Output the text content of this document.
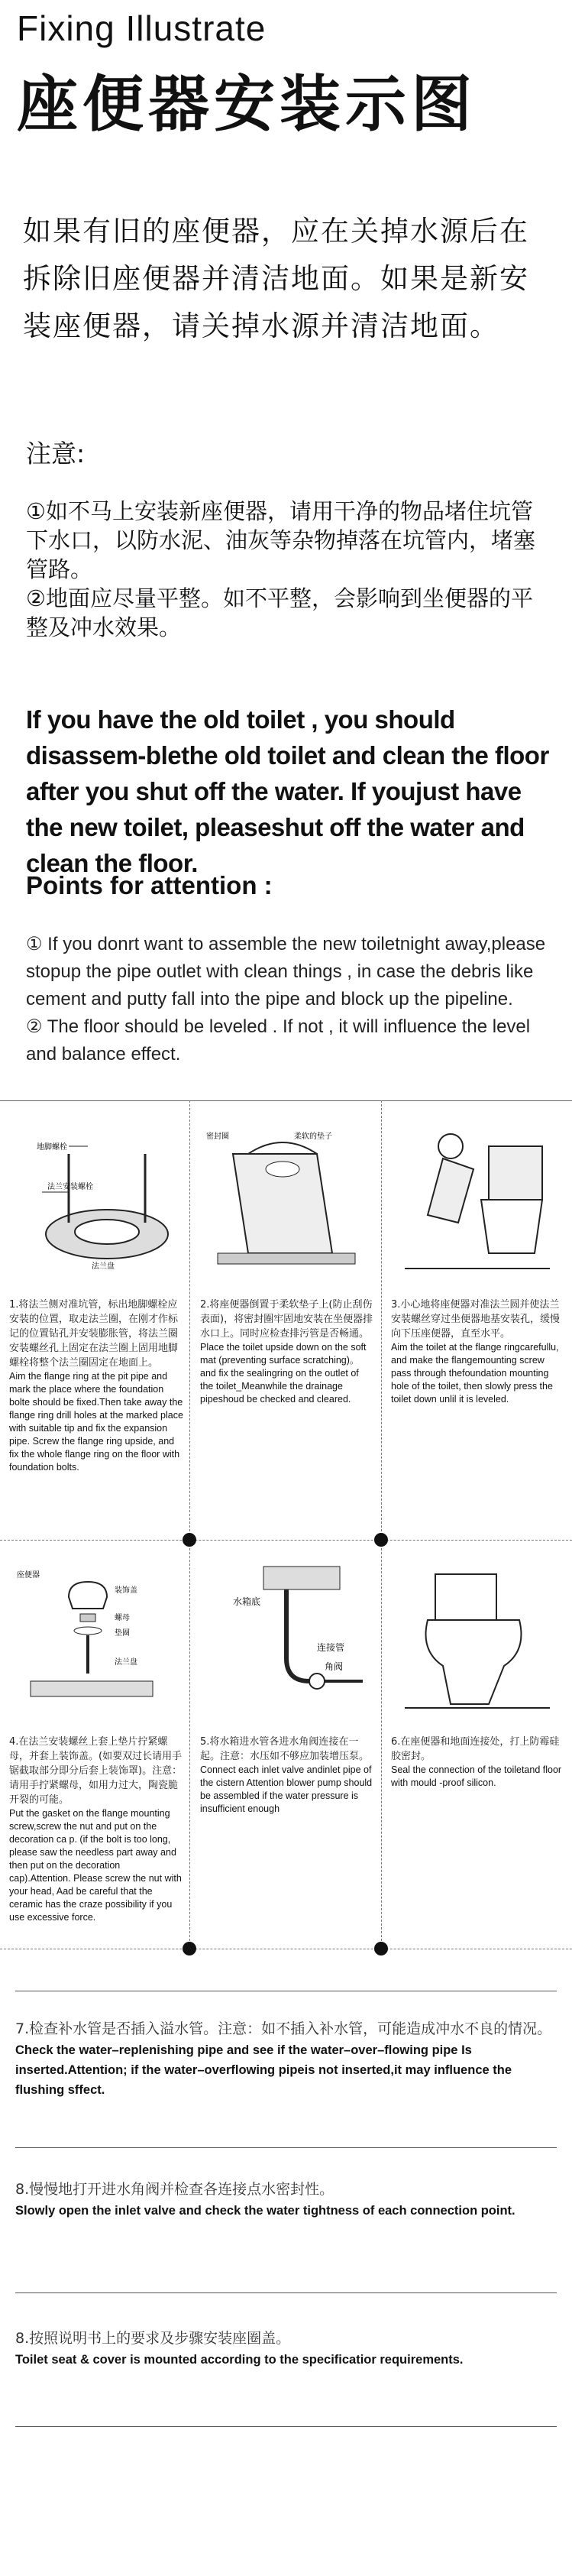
Fixing Illustrate
座便器安装示图
如果有旧的座便器，应在关掉水源后在拆除旧座便器并清洁地面。如果是新安装座便器，请关掉水源并清洁地面。
注意:
①如不马上安装新座便器，请用干净的物品堵住坑管下水口，以防水泥、油灰等杂物掉落在坑管内，堵塞管路。
②地面应尽量平整。如不平整，会影响到坐便器的平整及冲水效果。
If you have the old toilet , you should disassem-blethe old toilet and clean the floor after you shut off the water. If youjust have the new toilet, pleaseshut off the water and clean the floor.
Points for attention :
① If you donrt want to assemble the new toiletnight away,please stopup the pipe outlet with clean things , in case the debris like cement and putty fall into the pipe and block up the pipeline.
② The floor should be leveled . If not , it will influence the level and balance effect.
地脚螺栓
法兰安装螺栓
法兰盘
密封圈	柔软的垫子
1.将法兰侧对准坑管，标出地脚螺栓应安装的位置，取走法兰圈，在刚才作标记的位置钻孔并安装膨胀管，将法兰圈安装螺丝孔上固定在法兰圈上固用地脚螺栓将整个法兰圈固定在地面上。
Aim the flange ring at the pit pipe and mark the place where the foundation bolte should be fixed.Then take away the flange ring drill holes at the marked place with suitable tip and fix the expansion pipe. Screw the flange ring upside, and fix the whole flange ring on the floor with foundation bolts.
2.将座便器倒置于柔软垫子上(防止刮伤表面)，将密封圈牢固地安装在坐便器排水口上。同时应检查排污管是否畅通。
Place the toilet upside down on the soft mat (preventing surface scratching)。and fix the sealingring on the outlet of the toilet_Meanwhile the drainage pipeshoud be checked and cleared.
3.小心地将座便器对准法兰圆并使法兰安装螺丝穿过坐便器地基安装孔，缓慢向下压座便器，直至水平。
Aim the toilet at the flange ringcarefullu, and make the flangemounting screw pass through thefoundation mounting hole of the toilet, then slowly press the toilet down unlil it is leveled.
座便器
装饰盖
螺母
垫圈
法兰盘
水箱底
连接管
角阀
4.在法兰安装螺丝上套上垫片拧紧螺母，并套上装饰盖。(如要双过长请用手锯截取部分即分后套上装饰罩)。注意：请用手拧紧螺母，如用力过大，陶瓷脆开裂的可能。
Put the gasket on the flange mounting screw,screw the nut and put on the decoration ca p. (if the bolt is too long, please saw the needless part away and then put on the decoration cap).Attention. Please screw the nut with your head, Aad be careful that the ceramic has the craze possibility if you use excessive force.
5.将水箱进水管各进水角阀连接在一起。注意：水压如不够应加装增压泵。
Connect each inlet valve andinlet pipe of the cistern Attention blower pump should be assembled if the water pressure is insufficient enough
6.在座便器和地面连接处，打上防霉硅胶密封。
Seal the connection of the toiletand floor with mould -proof silicon.
7.检查补水管是否插入溢水管。注意：如不插入补水管，可能造成冲水不良的情况。
Check the water–replenishing pipe and see if the water–over–flowing pipe Is inserted.Attention; if the water–overflowing pipeis not inserted,it may influence the flushing sffect.
8.慢慢地打开进水角阀并检查各连接点水密封性。
Slowly open the inlet valve and check the water tightness of each connection point.
8.按照说明书上的要求及步骤安装座圈盖。
Toilet seat & cover is mounted according to the specificatior requirements.
